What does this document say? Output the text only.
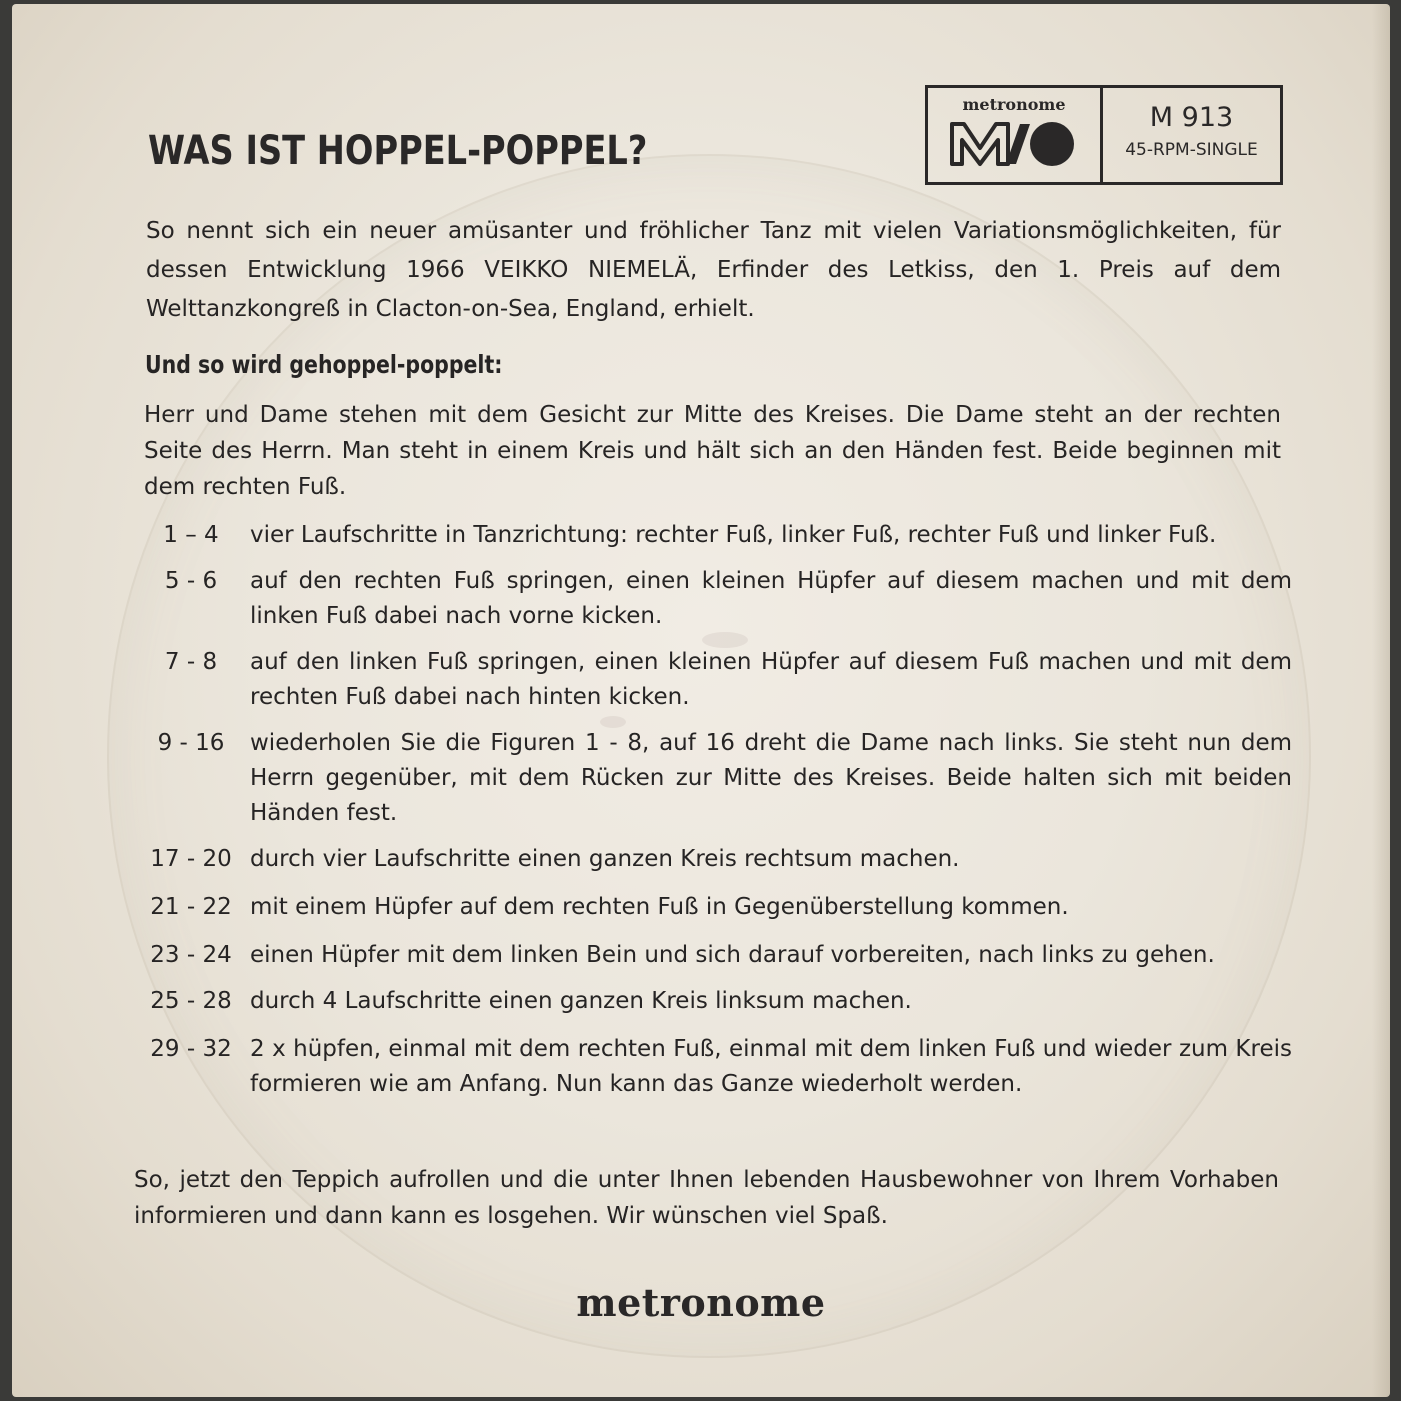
WAS IST HOPPEL-POPPEL?
metronome	M 913
45-RPM-SINGLE

So nennt sich ein neuer amüsanter und fröhlicher Tanz mit vielen Variationsmöglichkeiten, für dessen Entwicklung 1966 VEIKKO NIEMELÄ, Erfinder des Letkiss, den 1. Preis auf dem Welttanzkongreß in Clacton-on-Sea, England, erhielt.

Und so wird gehoppel-poppelt:

Herr und Dame stehen mit dem Gesicht zur Mitte des Kreises. Die Dame steht an der rechten Seite des Herrn. Man steht in einem Kreis und hält sich an den Händen fest. Beide beginnen mit dem rechten Fuß.

1 – 4	vier Laufschritte in Tanzrichtung: rechter Fuß, linker Fuß, rechter Fuß und linker Fuß.
5 - 6	auf den rechten Fuß springen, einen kleinen Hüpfer auf diesem machen und mit dem linken Fuß dabei nach vorne kicken.
7 - 8	auf den linken Fuß springen, einen kleinen Hüpfer auf diesem Fuß machen und mit dem rechten Fuß dabei nach hinten kicken.
9 - 16	wiederholen Sie die Figuren 1 - 8, auf 16 dreht die Dame nach links. Sie steht nun dem Herrn gegenüber, mit dem Rücken zur Mitte des Kreises. Beide halten sich mit beiden Händen fest.
17 - 20 durch vier Laufschritte einen ganzen Kreis rechtsum machen.
21 - 22 mit einem Hüpfer auf dem rechten Fuß in Gegenüberstellung kommen.
23 - 24 einen Hüpfer mit dem linken Bein und sich darauf vorbereiten, nach links zu gehen.
25 - 28 durch 4 Laufschritte einen ganzen Kreis linksum machen.
29 - 32 2 x hüpfen, einmal mit dem rechten Fuß, einmal mit dem linken Fuß und wieder zum Kreis formieren wie am Anfang. Nun kann das Ganze wiederholt werden.

So, jetzt den Teppich aufrollen und die unter Ihnen lebenden Hausbewohner von Ihrem Vorhaben informieren und dann kann es losgehen. Wir wünschen viel Spaß.

metronome
